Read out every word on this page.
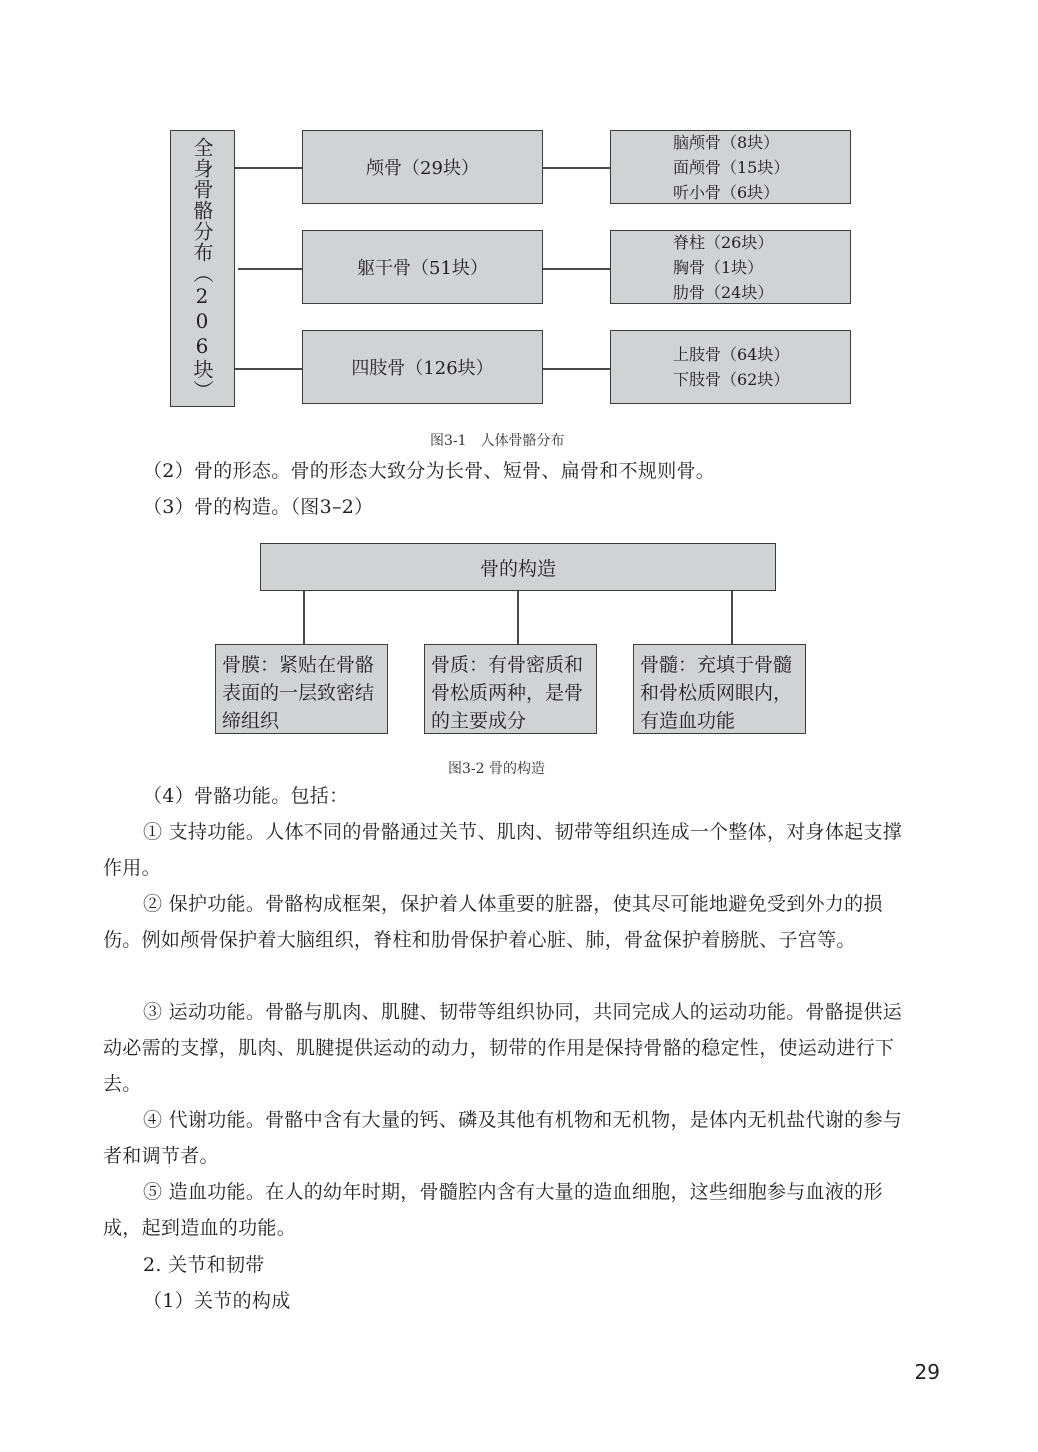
全身骨骼分布（206块）	颅骨（29块）
躯干骨（51块）
四肢骨（126块）
脑颅骨（8块）
面颅骨（15块）
听小骨（6块）
脊柱（26块）
胸骨（1块）
肋骨（24块）
上肢骨（64块）
下肢骨（62块）
图3-1　人体骨骼分布
（2）骨的形态。骨的形态大致分为长骨、短骨、扁骨和不规则骨。
（3）骨的构造。（图3–2）
骨的构造
骨膜：紧贴在骨骼表面的一层致密结缔组织
骨质：有骨密质和骨松质两种，是骨的主要成分
骨髓：充填于骨髓和骨松质网眼内，有造血功能
图3-2 骨的构造
（4）骨骼功能。包括：
① 支持功能。人体不同的骨骼通过关节、肌肉、韧带等组织连成一个整体，对身体起支撑作用。
② 保护功能。骨骼构成框架，保护着人体重要的脏器，使其尽可能地避免受到外力的损伤。例如颅骨保护着大脑组织，脊柱和肋骨保护着心脏、肺，骨盆保护着膀胱、子宫等。
③ 运动功能。骨骼与肌肉、肌腱、韧带等组织协同，共同完成人的运动功能。骨骼提供运动必需的支撑，肌肉、肌腱提供运动的动力，韧带的作用是保持骨骼的稳定性，使运动进行下去。
④ 代谢功能。骨骼中含有大量的钙、磷及其他有机物和无机物，是体内无机盐代谢的参与者和调节者。
⑤ 造血功能。在人的幼年时期，骨髓腔内含有大量的造血细胞，这些细胞参与血液的形成，起到造血的功能。
2. 关节和韧带
（1）关节的构成
29
